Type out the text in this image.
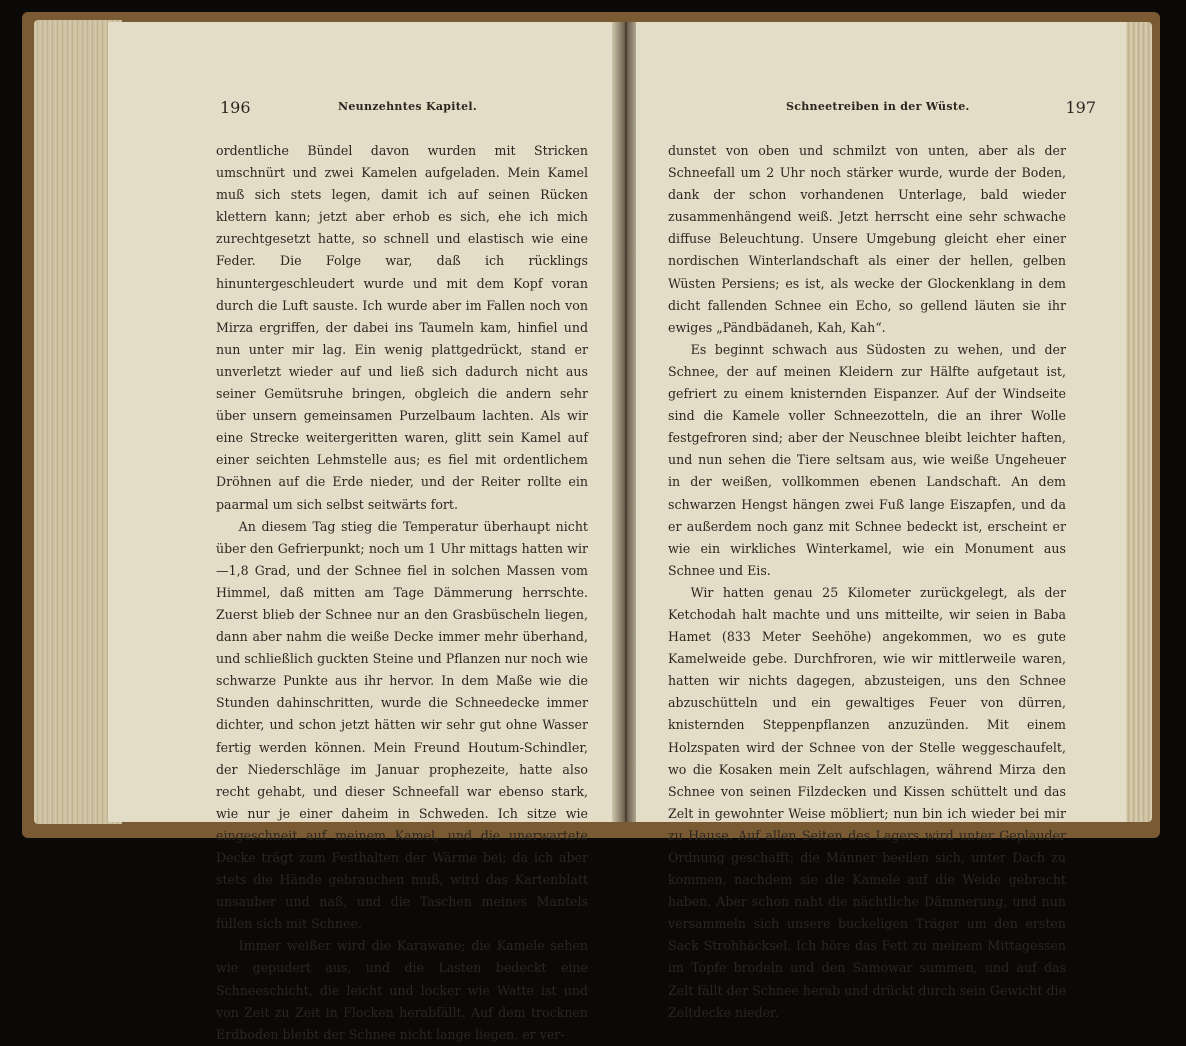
196	Neunzehntes Kapitel.

ordentliche Bündel davon wurden mit Stricken umschnürt und zwei Kamelen aufgeladen. Mein Kamel muß sich stets legen, damit ich auf seinen Rücken klettern kann; jetzt aber erhob es sich, ehe ich mich zurechtgesetzt hatte, so schnell und elastisch wie eine Feder. Die Folge war, daß ich rücklings hinuntergeschleudert wurde und mit dem Kopf voran durch die Luft sauste. Ich wurde aber im Fallen noch von Mirza ergriffen, der dabei ins Taumeln kam, hinfiel und nun unter mir lag. Ein wenig plattgedrückt, stand er unverletzt wieder auf und ließ sich dadurch nicht aus seiner Gemütsruhe bringen, obgleich die andern sehr über unsern gemeinsamen Purzelbaum lachten. Als wir eine Strecke weitergeritten waren, glitt sein Kamel auf einer seichten Lehmstelle aus; es fiel mit ordentlichem Dröhnen auf die Erde nieder, und der Reiter rollte ein paarmal um sich selbst seitwärts fort.

An diesem Tag stieg die Temperatur überhaupt nicht über den Gefrierpunkt; noch um 1 Uhr mittags hatten wir —1,8 Grad, und der Schnee fiel in solchen Massen vom Himmel, daß mitten am Tage Dämmerung herrschte. Zuerst blieb der Schnee nur an den Grasbüscheln liegen, dann aber nahm die weiße Decke immer mehr überhand, und schließlich guckten Steine und Pflanzen nur noch wie schwarze Punkte aus ihr hervor. In dem Maße wie die Stunden dahinschritten, wurde die Schneedecke immer dichter, und schon jetzt hätten wir sehr gut ohne Wasser fertig werden können. Mein Freund Houtum-Schindler, der Niederschläge im Januar prophezeite, hatte also recht gehabt, und dieser Schneefall war ebenso stark, wie nur je einer daheim in Schweden. Ich sitze wie eingeschneit auf meinem Kamel, und die unerwartete Decke trägt zum Festhalten der Wärme bei; da ich aber stets die Hände gebrauchen muß, wird das Kartenblatt unsauber und naß, und die Taschen meines Mantels füllen sich mit Schnee.

Immer weißer wird die Karawane; die Kamele sehen wie gepudert aus, und die Lasten bedeckt eine Schneeschicht, die leicht und locker wie Watte ist und von Zeit zu Zeit in Flocken herabfällt. Auf dem trocknen Erdboden bleibt der Schnee nicht lange liegen, er ver-

Schneetreiben in der Wüste.	197

dunstet von oben und schmilzt von unten, aber als der Schneefall um 2 Uhr noch stärker wurde, wurde der Boden, dank der schon vorhandenen Unterlage, bald wieder zusammenhängend weiß. Jetzt herrscht eine sehr schwache diffuse Beleuchtung. Unsere Umgebung gleicht eher einer nordischen Winterlandschaft als einer der hellen, gelben Wüsten Persiens; es ist, als wecke der Glockenklang in dem dicht fallenden Schnee ein Echo, so gellend läuten sie ihr ewiges „Pändbädaneh, Kah, Kah“.

Es beginnt schwach aus Südosten zu wehen, und der Schnee, der auf meinen Kleidern zur Hälfte aufgetaut ist, gefriert zu einem knisternden Eispanzer. Auf der Windseite sind die Kamele voller Schneezotteln, die an ihrer Wolle festgefroren sind; aber der Neuschnee bleibt leichter haften, und nun sehen die Tiere seltsam aus, wie weiße Ungeheuer in der weißen, vollkommen ebenen Landschaft. An dem schwarzen Hengst hängen zwei Fuß lange Eiszapfen, und da er außerdem noch ganz mit Schnee bedeckt ist, erscheint er wie ein wirkliches Winterkamel, wie ein Monument aus Schnee und Eis.

Wir hatten genau 25 Kilometer zurückgelegt, als der Ketchodah halt machte und uns mitteilte, wir seien in Baba Hamet (833 Meter Seehöhe) angekommen, wo es gute Kamelweide gebe. Durchfroren, wie wir mittlerweile waren, hatten wir nichts dagegen, abzusteigen, uns den Schnee abzuschütteln und ein gewaltiges Feuer von dürren, knisternden Steppenpflanzen anzuzünden. Mit einem Holzspaten wird der Schnee von der Stelle weggeschaufelt, wo die Kosaken mein Zelt aufschlagen, während Mirza den Schnee von seinen Filzdecken und Kissen schüttelt und das Zelt in gewohnter Weise möbliert; nun bin ich wieder bei mir zu Hause. Auf allen Seiten des Lagers wird unter Geplauder Ordnung geschafft; die Männer beeilen sich, unter Dach zu kommen, nachdem sie die Kamele auf die Weide gebracht haben. Aber schon naht die nächtliche Dämmerung, und nun versammeln sich unsere buckeligen Träger um den ersten Sack Strohhäcksel. Ich höre das Fett zu meinem Mittagessen im Topfe brodeln und den Samowar summen, und auf das Zelt fällt der Schnee herab und drückt durch sein Gewicht die Zeltdecke nieder.
